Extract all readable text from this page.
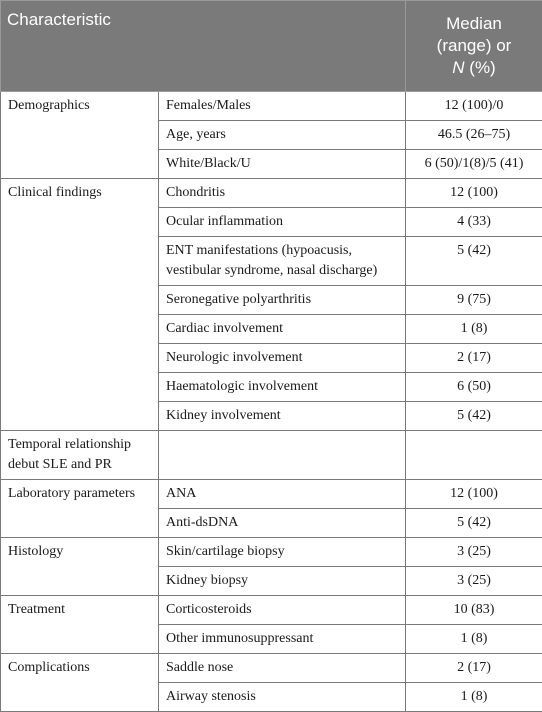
Characteristic		Median
(range) or
N (%)

Demographics	Females/Males	12 (100)/0
	Age, years	46.5 (26–75)
	White/Black/U	6 (50)/1(8)/5 (41)
Clinical findings	Chondritis	12 (100)
	Ocular inflammation	4 (33)
	ENT manifestations (hypoacusis, vestibular syndrome, nasal discharge)	5 (42)
	Seronegative polyarthritis	9 (75)
	Cardiac involvement	1 (8)
	Neurologic involvement	2 (17)
	Haematologic involvement	6 (50)
	Kidney involvement	5 (42)
Temporal relationship debut SLE and PR		
Laboratory parameters	ANA	12 (100)
	Anti-dsDNA	5 (42)
Histology	Skin/cartilage biopsy	3 (25)
	Kidney biopsy	3 (25)
Treatment	Corticosteroids	10 (83)
	Other immunosuppressant	1 (8)
Complications	Saddle nose	2 (17)
	Airway stenosis	1 (8)
